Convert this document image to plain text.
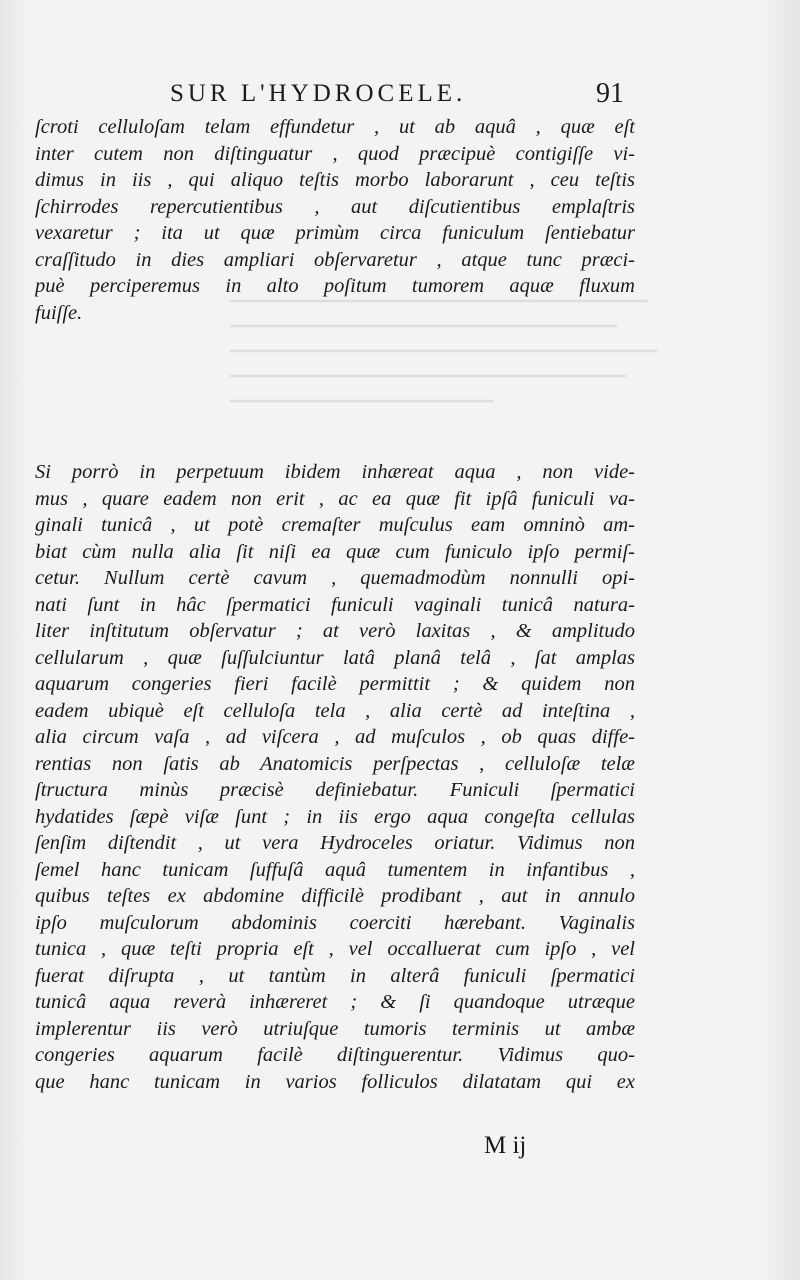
SUR L'HYDROCELE.	91
ſcroti celluloſam telam effundetur , ut ab aquâ , quæ eſt
inter cutem non diſtinguatur , quod præcipuè contigiſſe vi-
dimus in iis , qui aliquo teſtis morbo laborarunt , ceu teſtis
ſchirrodes repercutientibus , aut diſcutientibus emplaſtris
vexaretur ; ita ut quæ primùm circa funiculum ſentiebatur
craſſitudo in dies ampliari obſervaretur , atque tunc præci-
puè perciperemus in alto poſitum tumorem aquæ fluxum
fuiſſe.
Si porrò in perpetuum ibidem inhæreat aqua , non vide-
mus , quare eadem non erit , ac ea quæ fit ipſâ funiculi va-
ginali tunicâ , ut potè cremaſter muſculus eam omninò am-
biat cùm nulla alia ſit niſi ea quæ cum funiculo ipſo permiſ-
cetur. Nullum certè cavum , quemadmodùm nonnulli opi-
nati ſunt in hâc ſpermatici funiculi vaginali tunicâ natura-
liter inſtitutum obſervatur ; at verò laxitas , & amplitudo
cellularum , quæ ſuſſulciuntur latâ planâ telâ , ſat amplas
aquarum congeries fieri facilè permittit ; & quidem non
eadem ubiquè eſt celluloſa tela , alia certè ad inteſtina ,
alia circum vaſa , ad viſcera , ad muſculos , ob quas diffe-
rentias non ſatis ab Anatomicis perſpectas , celluloſæ telæ
ſtructura minùs præcisè definiebatur. Funiculi ſpermatici
hydatides ſæpè viſæ ſunt ; in iis ergo aqua congeſta cellulas
ſenſim diſtendit , ut vera Hydroceles oriatur. Vidimus non
ſemel hanc tunicam ſuffuſâ aquâ tumentem in infantibus ,
quibus teſtes ex abdomine difficilè prodibant , aut in annulo
ipſo muſculorum abdominis coerciti hærebant. Vaginalis
tunica , quæ teſti propria eſt , vel occalluerat cum ipſo , vel
fuerat diſrupta , ut tantùm in alterâ funiculi ſpermatici
tunicâ aqua reverà inhæreret ; & ſi quandoque utræque
implerentur iis verò utriuſque tumoris terminis ut ambæ
congeries aquarum facilè diſtinguerentur. Vidimus quo-
que hanc tunicam in varios folliculos dilatatam qui ex
M ij
